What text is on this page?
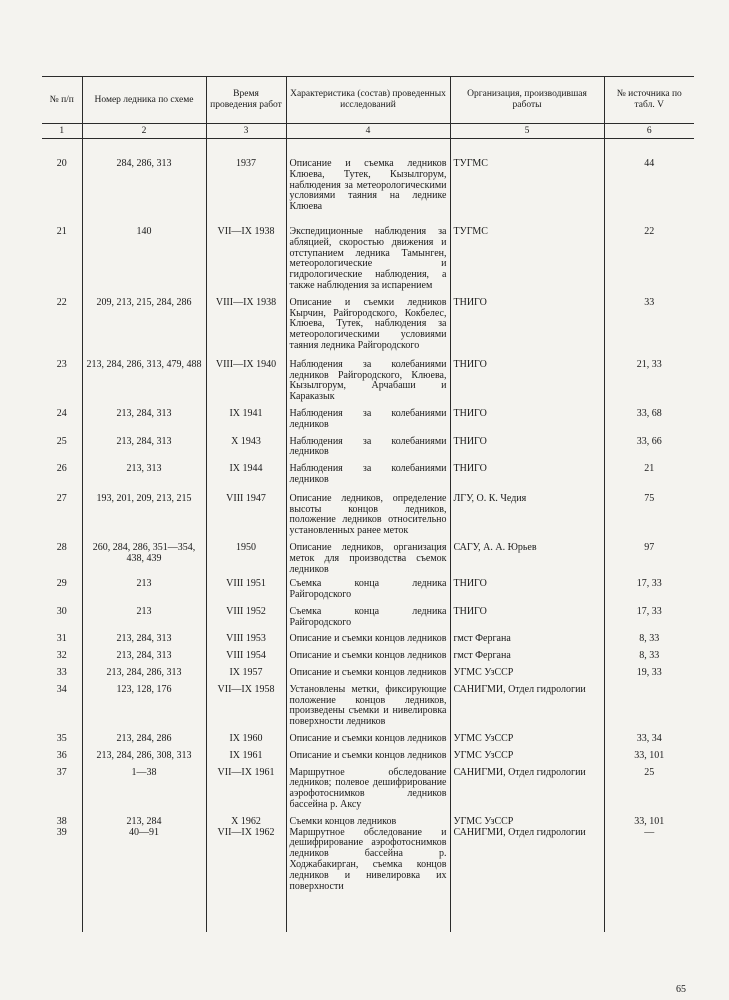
№ п/п	Номер ледника по схеме	Время проведения работ	Характеристика (состав) проведенных исследований	Организация, производившая работы	№ источника по табл. V
1	2	3	4	5	6
20	284, 286, 313	1937	Описание и съемка ледников Клюева, Тутек, Кызылгорум, наблюдения за метеорологическими условиями таяния на леднике Клюева	ТУГМС	44
21	140	VII—IX 1938	Экспедиционные наблюдения за абляцией, скоростью движения и отступанием ледника Тамынген, метеорологические и гидрологические наблюдения, а также наблюдения за испарением	ТУГМС	22
22	209, 213, 215, 284, 286	VIII—IX 1938	Описание и съемки ледников Кырчин, Райгородского, Кокбелес, Клюева, Тутек, наблюдения за метеорологическими условиями таяния ледника Райгородского	ТНИГО	33
23	213, 284, 286, 313, 479, 488	VIII—IX 1940	Наблюдения за колебаниями ледников Райгородского, Клюева, Кызылгорум, Арчабаши и Караказык	ТНИГО	21, 33
24	213, 284, 313	IX 1941	Наблюдения за колебаниями ледников	ТНИГО	33, 68
25	213, 284, 313	X 1943	Наблюдения за колебаниями ледников	ТНИГО	33, 66
26	213, 313	IX 1944	Наблюдения за колебаниями ледников	ТНИГО	21
27	193, 201, 209, 213, 215	VIII 1947	Описание ледников, определение высоты концов ледников, положение ледников относительно установленных ранее меток	ЛГУ, О. К. Чедия	75
28	260, 284, 286, 351—354, 438, 439	1950	Описание ледников, организация меток для производства съемок ледников	САГУ, А. А. Юрьев	97
29	213	VIII 1951	Съемка конца ледника Райгородского	ТНИГО	17, 33
30	213	VIII 1952	Съемка конца ледника Райгородского	ТНИГО	17, 33
31	213, 284, 313	VIII 1953	Описание и съемки концов ледников	гмст Фергана	8, 33
32	213, 284, 313	VIII 1954	Описание и съемки концов ледников	гмст Фергана	8, 33
33	213, 284, 286, 313	IX 1957	Описание и съемки концов ледников	УГМС УзССР	19, 33
34	123, 128, 176	VII—IX 1958	Установлены метки, фиксирующие положение концов ледников, произведены съемки и нивелировка поверхности ледников	САНИГМИ, Отдел гидрологии	
35	213, 284, 286	IX 1960	Описание и съемки концов ледников	УГМС УзССР	33, 34
36	213, 284, 286, 308, 313	IX 1961	Описание и съемки концов ледников	УГМС УзССР	33, 101
37	1—38	VII—IX 1961	Маршрутное обследование ледников; полевое дешифрирование аэрофотоснимков ледников бассейна р. Аксу	САНИГМИ, Отдел гидрологии	25
38	213, 284	X 1962	Съемки концов ледников	УГМС УзССР	33, 101
39	40—91	VII—IX 1962	Маршрутное обследование и дешифрирование аэрофотоснимков ледников бассейна р. Ходжабакирган, съемка концов ледников и нивелировка их поверхности	САНИГМИ, Отдел гидрологии	—

65
